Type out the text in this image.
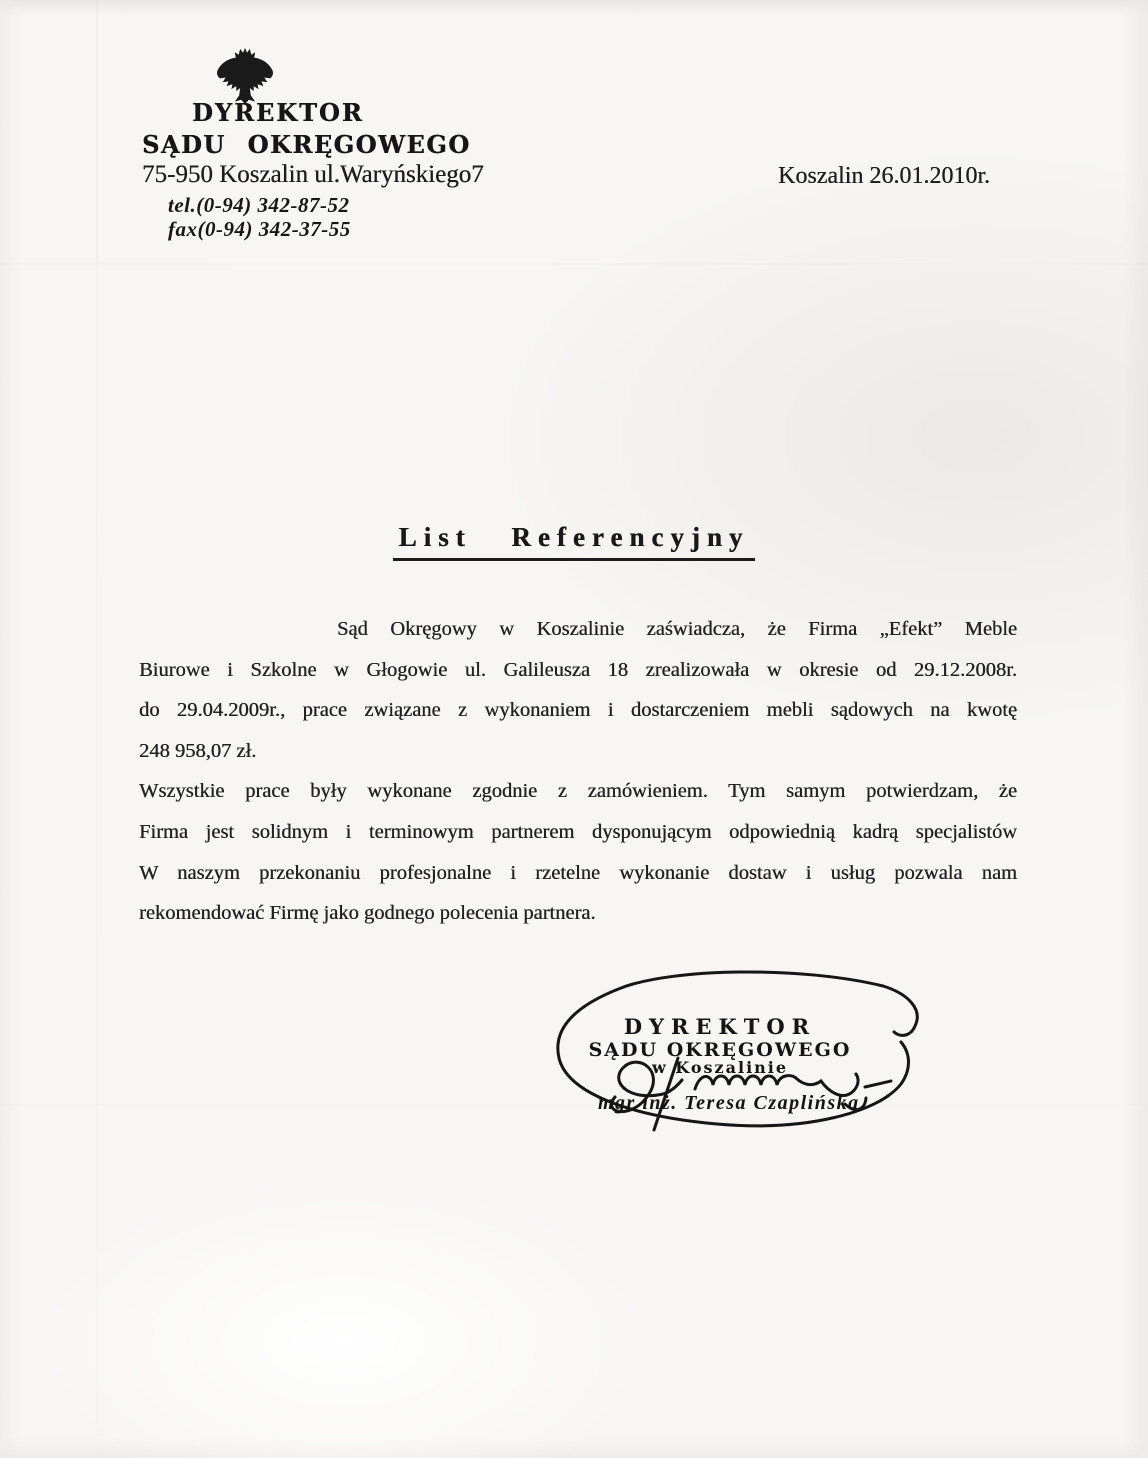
DYREKTOR
SĄDU OKRĘGOWEGO
75-950 Koszalin ul.Waryńskiego7
tel.(0-94) 342-87-52
fax(0-94) 342-37-55
Koszalin 26.01.2010r.
List Referencyjny
Sąd Okręgowy w Koszalinie zaświadcza, że Firma „Efekt” Meble
Biurowe i Szkolne w Głogowie ul. Galileusza 18 zrealizowała w okresie od 29.12.2008r.
do 29.04.2009r., prace związane z wykonaniem i dostarczeniem mebli sądowych na kwotę
248 958,07 zł.
Wszystkie prace były wykonane zgodnie z zamówieniem. Tym samym potwierdzam, że
Firma jest solidnym i terminowym partnerem dysponującym odpowiednią kadrą specjalistów
W naszym przekonaniu profesjonalne i rzetelne wykonanie dostaw i usług pozwala nam
rekomendować Firmę jako godnego polecenia partnera.
DYREKTOR
SĄDU OKRĘGOWEGO
w Koszalinie
mgr inż. Teresa Czaplińska
